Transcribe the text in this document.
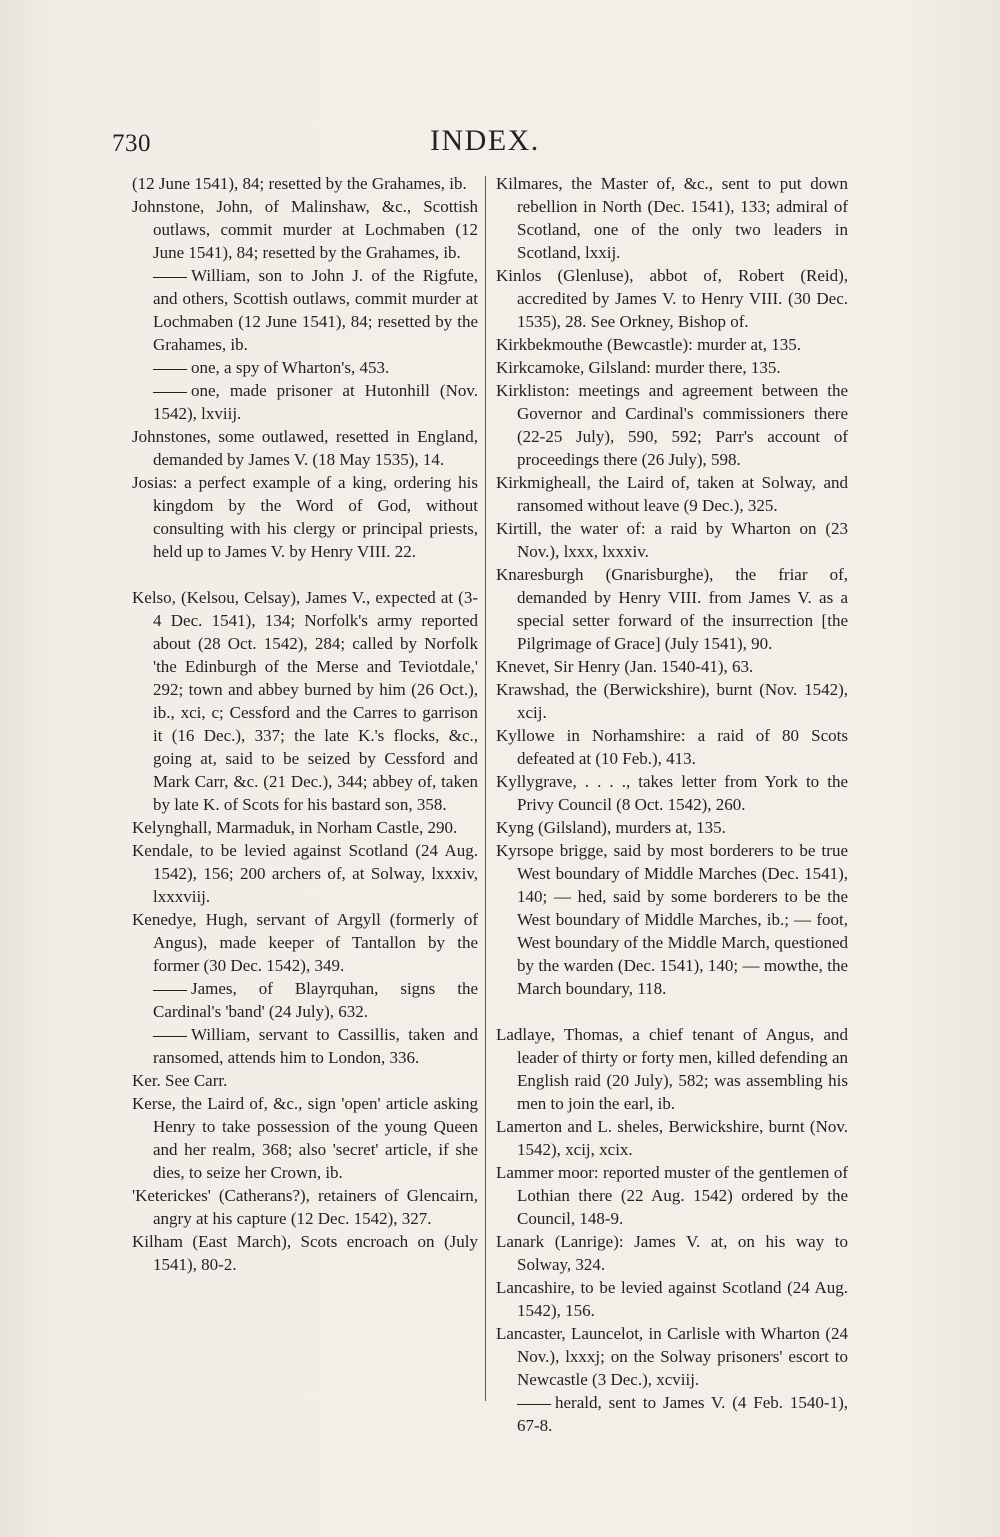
730	INDEX.

(12 June 1541), 84; resetted by the Grahames, ib.

Johnstone, John, of Malinshaw, &c., Scottish outlaws, commit murder at Lochmaben (12 June 1541), 84; resetted by the Grahames, ib.

William, son to John J. of the Rigfute, and others, Scottish outlaws, commit murder at Lochmaben (12 June 1541), 84; resetted by the Grahames, ib.

one, a spy of Wharton's, 453.

one, made prisoner at Hutonhill (Nov. 1542), lxviij.

Johnstones, some outlawed, resetted in England, demanded by James V. (18 May 1535), 14.

Josias: a perfect example of a king, ordering his kingdom by the Word of God, without consulting with his clergy or principal priests, held up to James V. by Henry VIII. 22.

Kelso, (Kelsou, Celsay), James V., expected at (3-4 Dec. 1541), 134; Norfolk's army reported about (28 Oct. 1542), 284; called by Norfolk 'the Edinburgh of the Merse and Teviotdale,' 292; town and abbey burned by him (26 Oct.), ib., xci, c; Cessford and the Carres to garrison it (16 Dec.), 337; the late K.'s flocks, &c., going at, said to be seized by Cessford and Mark Carr, &c. (21 Dec.), 344; abbey of, taken by late K. of Scots for his bastard son, 358.

Kelynghall, Marmaduk, in Norham Castle, 290.

Kendale, to be levied against Scotland (24 Aug. 1542), 156; 200 archers of, at Solway, lxxxiv, lxxxviij.

Kenedye, Hugh, servant of Argyll (formerly of Angus), made keeper of Tantallon by the former (30 Dec. 1542), 349.

James, of Blayrquhan, signs the Cardinal's 'band' (24 July), 632.

William, servant to Cassillis, taken and ransomed, attends him to London, 336.

Ker. See Carr.

Kerse, the Laird of, &c., sign 'open' article asking Henry to take possession of the young Queen and her realm, 368; also 'secret' article, if she dies, to seize her Crown, ib.

'Keterickes' (Catherans?), retainers of Glencairn, angry at his capture (12 Dec. 1542), 327.

Kilham (East March), Scots encroach on (July 1541), 80-2.

Kilmares, the Master of, &c., sent to put down rebellion in North (Dec. 1541), 133; admiral of Scotland, one of the only two leaders in Scotland, lxxij.

Kinlos (Glenluse), abbot of, Robert (Reid), accredited by James V. to Henry VIII. (30 Dec. 1535), 28. See Orkney, Bishop of.

Kirkbekmouthe (Bewcastle): murder at, 135.

Kirkcamoke, Gilsland: murder there, 135.

Kirkliston: meetings and agreement between the Governor and Cardinal's commissioners there (22-25 July), 590, 592; Parr's account of proceedings there (26 July), 598.

Kirkmigheall, the Laird of, taken at Solway, and ransomed without leave (9 Dec.), 325.

Kirtill, the water of: a raid by Wharton on (23 Nov.), lxxx, lxxxiv.

Knaresburgh (Gnarisburghe), the friar of, demanded by Henry VIII. from James V. as a special setter forward of the insurrection [the Pilgrimage of Grace] (July 1541), 90.

Knevet, Sir Henry (Jan. 1540-41), 63.

Krawshad, the (Berwickshire), burnt (Nov. 1542), xcij.

Kyllowe in Norhamshire: a raid of 80 Scots defeated at (10 Feb.), 413.

Kyllygrave, . . . ., takes letter from York to the Privy Council (8 Oct. 1542), 260.

Kyng (Gilsland), murders at, 135.

Kyrsope brigge, said by most borderers to be true West boundary of Middle Marches (Dec. 1541), 140; — hed, said by some borderers to be the West boundary of Middle Marches, ib.; — foot, West boundary of the Middle March, questioned by the warden (Dec. 1541), 140; — mowthe, the March boundary, 118.

Ladlaye, Thomas, a chief tenant of Angus, and leader of thirty or forty men, killed defending an English raid (20 July), 582; was assembling his men to join the earl, ib.

Lamerton and L. sheles, Berwickshire, burnt (Nov. 1542), xcij, xcix.

Lammer moor: reported muster of the gentlemen of Lothian there (22 Aug. 1542) ordered by the Council, 148-9.

Lanark (Lanrige): James V. at, on his way to Solway, 324.

Lancashire, to be levied against Scotland (24 Aug. 1542), 156.

Lancaster, Launcelot, in Carlisle with Wharton (24 Nov.), lxxxj; on the Solway prisoners' escort to Newcastle (3 Dec.), xcviij.

herald, sent to James V. (4 Feb. 1540-1), 67-8.
